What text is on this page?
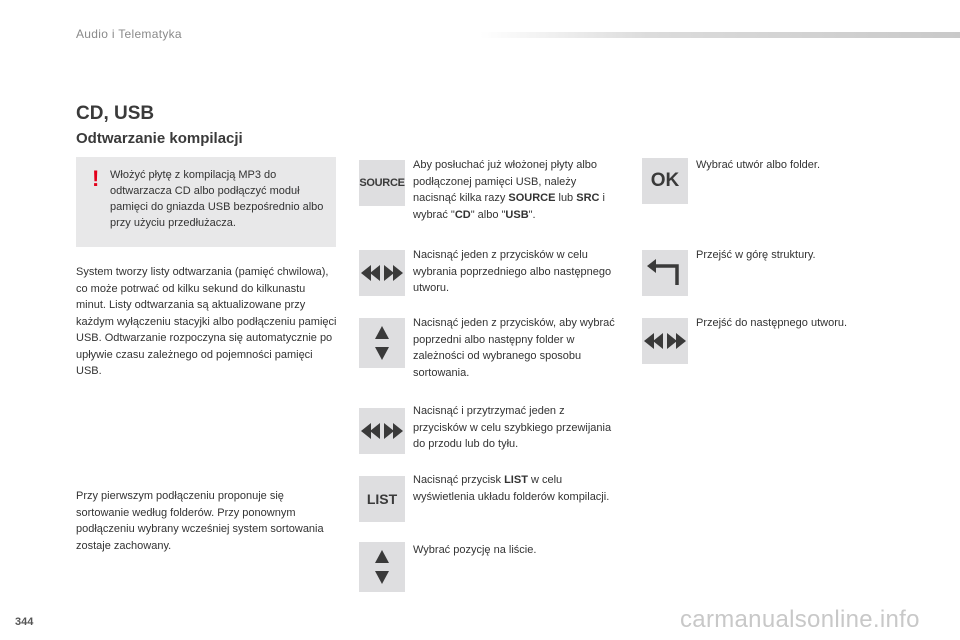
Audio i Telematyka
CD, USB
Odtwarzanie kompilacji
! Włożyć płytę z kompilacją MP3 do odtwarzacza CD albo podłączyć moduł pamięci do gniazda USB bezpośrednio albo przy użyciu przedłużacza.
System tworzy listy odtwarzania (pamięć chwilowa), co może potrwać od kilku sekund do kilkunastu minut. Listy odtwarzania są aktualizowane przy każdym wyłączeniu stacyjki albo podłączeniu pamięci USB. Odtwarzanie rozpoczyna się automatycznie po upływie czasu zależnego od pojemności pamięci USB.
Przy pierwszym podłączeniu proponuje się sortowanie według folderów. Przy ponownym podłączeniu wybrany wcześniej system sortowania zostaje zachowany.
SOURCE
Aby posłuchać już włożonej płyty albo podłączonej pamięci USB, należy nacisnąć kilka razy SOURCE lub SRC i wybrać "CD" albo "USB".
Nacisnąć jeden z przycisków w celu wybrania poprzedniego albo następnego utworu.
Nacisnąć jeden z przycisków, aby wybrać poprzedni albo następny folder w zależności od wybranego sposobu sortowania.
Nacisnąć i przytrzymać jeden z przycisków w celu szybkiego przewijania do przodu lub do tyłu.
LIST
Nacisnąć przycisk LIST w celu wyświetlenia układu folderów kompilacji.
Wybrać pozycję na liście.
OK
Wybrać utwór albo folder.
Przejść w górę struktury.
Przejść do następnego utworu.
344	carmanualsonline.info
